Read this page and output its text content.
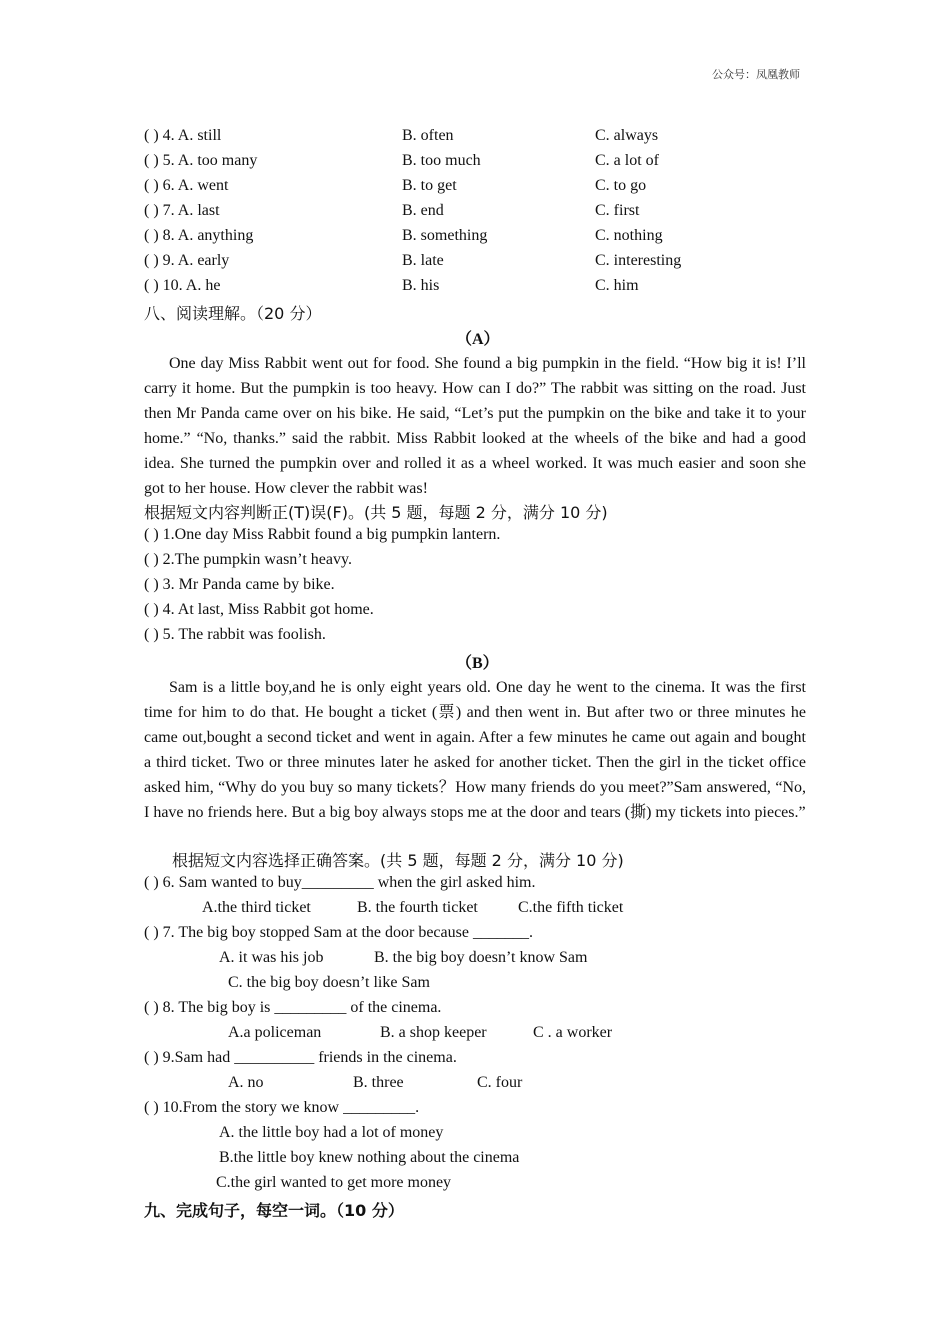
公众号：凤凰教师
( ) 4. A. still	B. often	C. always
( ) 5. A. too many	B. too much	C. a lot of
( ) 6. A. went	B. to get	C. to go
( ) 7. A. last	B. end	C. first
( ) 8. A. anything	B. something	C. nothing
( ) 9. A. early	B. late	C. interesting
( ) 10. A. he	B. his	C. him
八、阅读理解。（20 分）
（A）
One day Miss Rabbit went out for food. She found a big pumpkin in the field. “How big it is! I’ll carry it home. But the pumpkin is too heavy. How can I do?” The rabbit was sitting on the road. Just then Mr Panda came over on his bike. He said, “Let’s put the pumpkin on the bike and take it to your home.” “No, thanks.” said the rabbit. Miss Rabbit looked at the wheels of the bike and had a good idea. She turned the pumpkin over and rolled it as a wheel worked. It was much easier and soon she got to her house. How clever the rabbit was!
根据短文内容判断正(T)误(F)。(共 5 题，每题 2 分，满分 10 分)
( ) 1.One day Miss Rabbit found a big pumpkin lantern.
( ) 2.The pumpkin wasn’t heavy.
( ) 3. Mr Panda came by bike.
( ) 4. At last, Miss Rabbit got home.
( ) 5. The rabbit was foolish.
（B）
Sam is a little boy,and he is only eight years old. One day he went to the cinema. It was the first time for him to do that. He bought a ticket (票) and then went in. But after two or three minutes he came out,bought a second ticket and went in again. After a few minutes he came out again and bought a third ticket. Two or three minutes later he asked for another ticket. Then the girl in the ticket office asked him, “Why do you buy so many tickets？How many friends do you meet?”Sam answered, “No, I have no friends here. But a big boy always stops me at the door and tears (撕) my tickets into pieces.”
根据短文内容选择正确答案。(共 5 题，每题 2 分，满分 10 分)
( ) 6. Sam wanted to buy_________ when the girl asked him.
A.the third ticket	B. the fourth ticket	C.the fifth ticket
( ) 7. The big boy stopped Sam at the door because _______.
A. it was his job	B. the big boy doesn’t know Sam
C. the big boy doesn’t like Sam
( ) 8. The big boy is _________ of the cinema.
A.a policeman	B. a shop keeper	C . a worker
( ) 9.Sam had __________ friends in the cinema.
A. no	B. three	C. four
( ) 10.From the story we know _________.
A. the little boy had a lot of money
B.the little boy knew nothing about the cinema
C.the girl wanted to get more money
九、完成句子，每空一词。（10 分）
